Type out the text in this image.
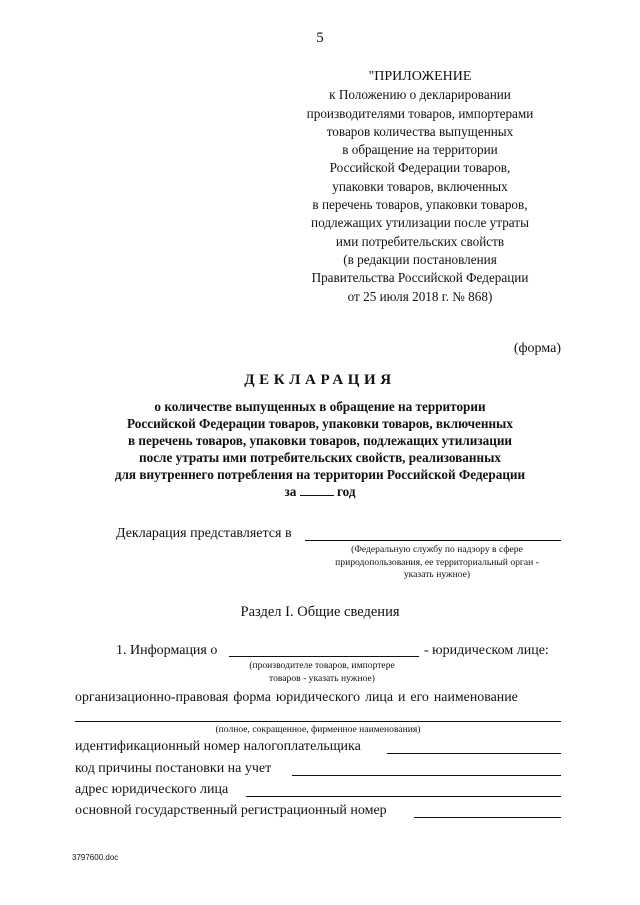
5
"ПРИЛОЖЕНИЕ
к Положению о декларировании
производителями товаров, импортерами
товаров количества выпущенных
в обращение на территории
Российской Федерации товаров,
упаковки товаров, включенных
в перечень товаров, упаковки товаров,
подлежащих утилизации после утраты
ими потребительских свойств
(в редакции постановления
Правительства Российской Федерации
от 25 июля 2018 г. № 868)
(форма)
ДЕКЛАРАЦИЯ
о количестве выпущенных в обращение на территории
Российской Федерации товаров, упаковки товаров, включенных
в перечень товаров, упаковки товаров, подлежащих утилизации
после утраты ими потребительских свойств, реализованных
для внутреннего потребления на территории Российской Федерации
за	год
Декларация представляется в
(Федеральную службу по надзору в сфере
природопользования, ее территориальный орган -
указать нужное)
Раздел I. Общие сведения
1. Информация о	- юридическом лице:
(производителе товаров, импортере
товаров - указать нужное)
организационно-правовая форма юридического лица и его наименование
(полное, сокращенное, фирменное наименования)
идентификационный номер налогоплательщика
код причины постановки на учет
адрес юридического лица
основной государственный регистрационный номер
3797600.doc
